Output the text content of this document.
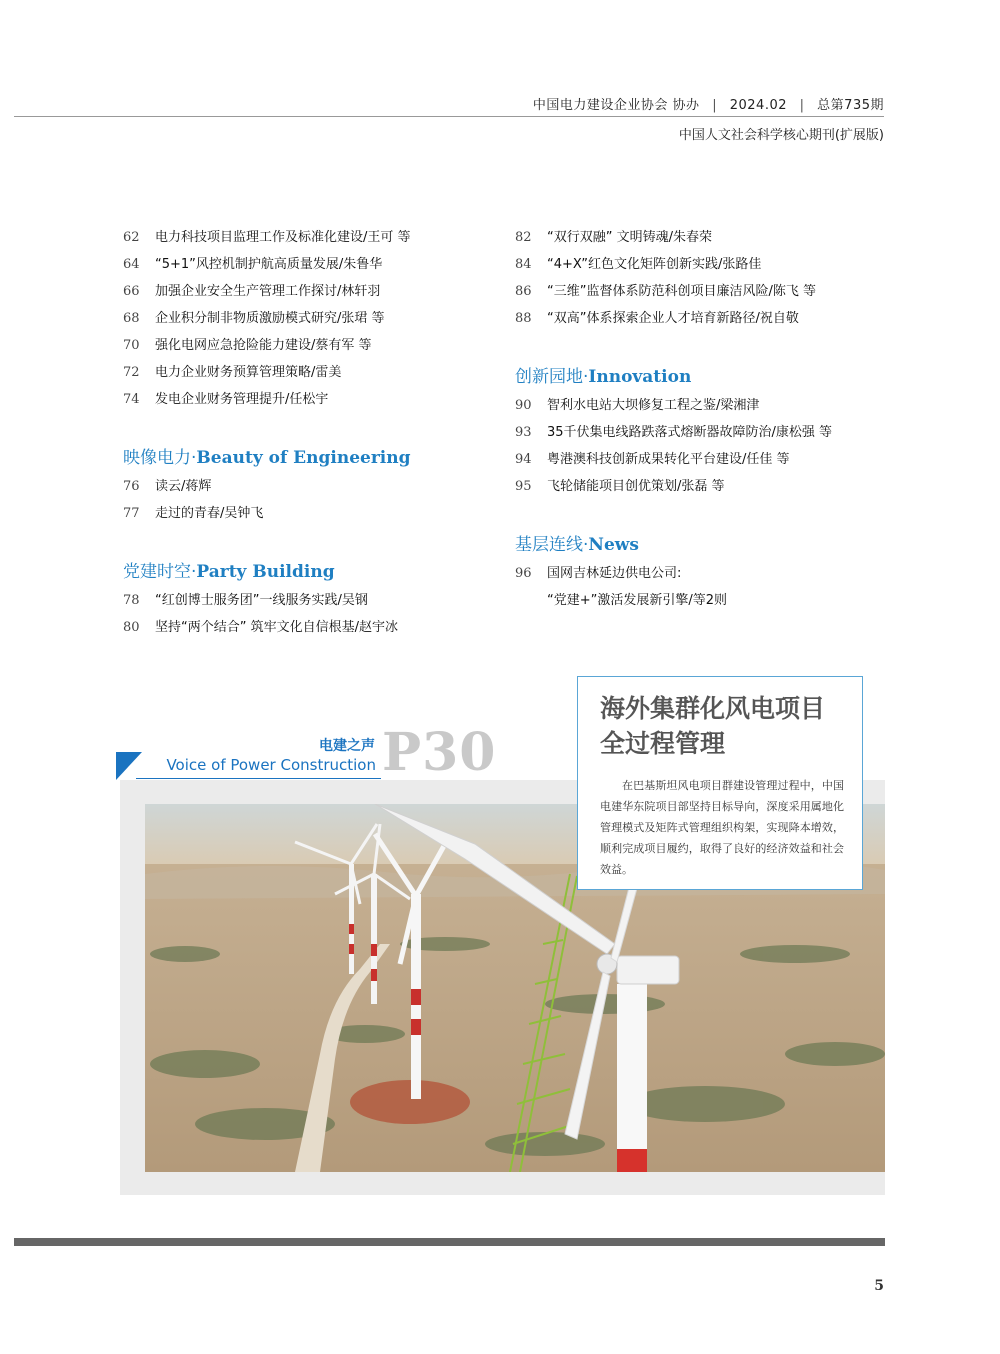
中国电力建设企业协会 协办 | 2024.02 | 总第735期
中国人文社会科学核心期刊(扩展版)
62 电力科技项目监理工作及标准化建设/王可 等
64 “5+1”风控机制护航高质量发展/朱鲁华
66 加强企业安全生产管理工作探讨/林轩羽
68 企业积分制非物质激励模式研究/张珺 等
70 强化电网应急抢险能力建设/蔡有军 等
72 电力企业财务预算管理策略/雷美
74 发电企业财务管理提升/任松宇
映像电力·Beauty of Engineering
76 读云/蒋辉
77 走过的青春/吴钟飞
党建时空·Party Building
78 “红创博士服务团”一线服务实践/吴钢
80 坚持“两个结合” 筑牢文化自信根基/赵宇冰
82 “双行双融” 文明铸魂/朱春荣
84 “4+X”红色文化矩阵创新实践/张路佳
86 “三维”监督体系防范科创项目廉洁风险/陈飞 等
88 “双高”体系探索企业人才培育新路径/祝自敬
创新园地·Innovation
90 智利水电站大坝修复工程之鉴/梁湘津
93 35千伏集电线路跌落式熔断器故障防治/康松强 等
94 粤港澳科技创新成果转化平台建设/任佳 等
95 飞轮储能项目创优策划/张磊 等
基层连线·News
96 国网吉林延边供电公司:
“党建+”激活发展新引擎/等2则
电建之声
Voice of Power Construction P30
海外集群化风电项目
全过程管理
在巴基斯坦风电项目群建设管理过程中，中国电建华东院项目部坚持目标导向，深度采用属地化管理模式及矩阵式管理组织构架，实现降本增效，顺利完成项目履约，取得了良好的经济效益和社会效益。
5
